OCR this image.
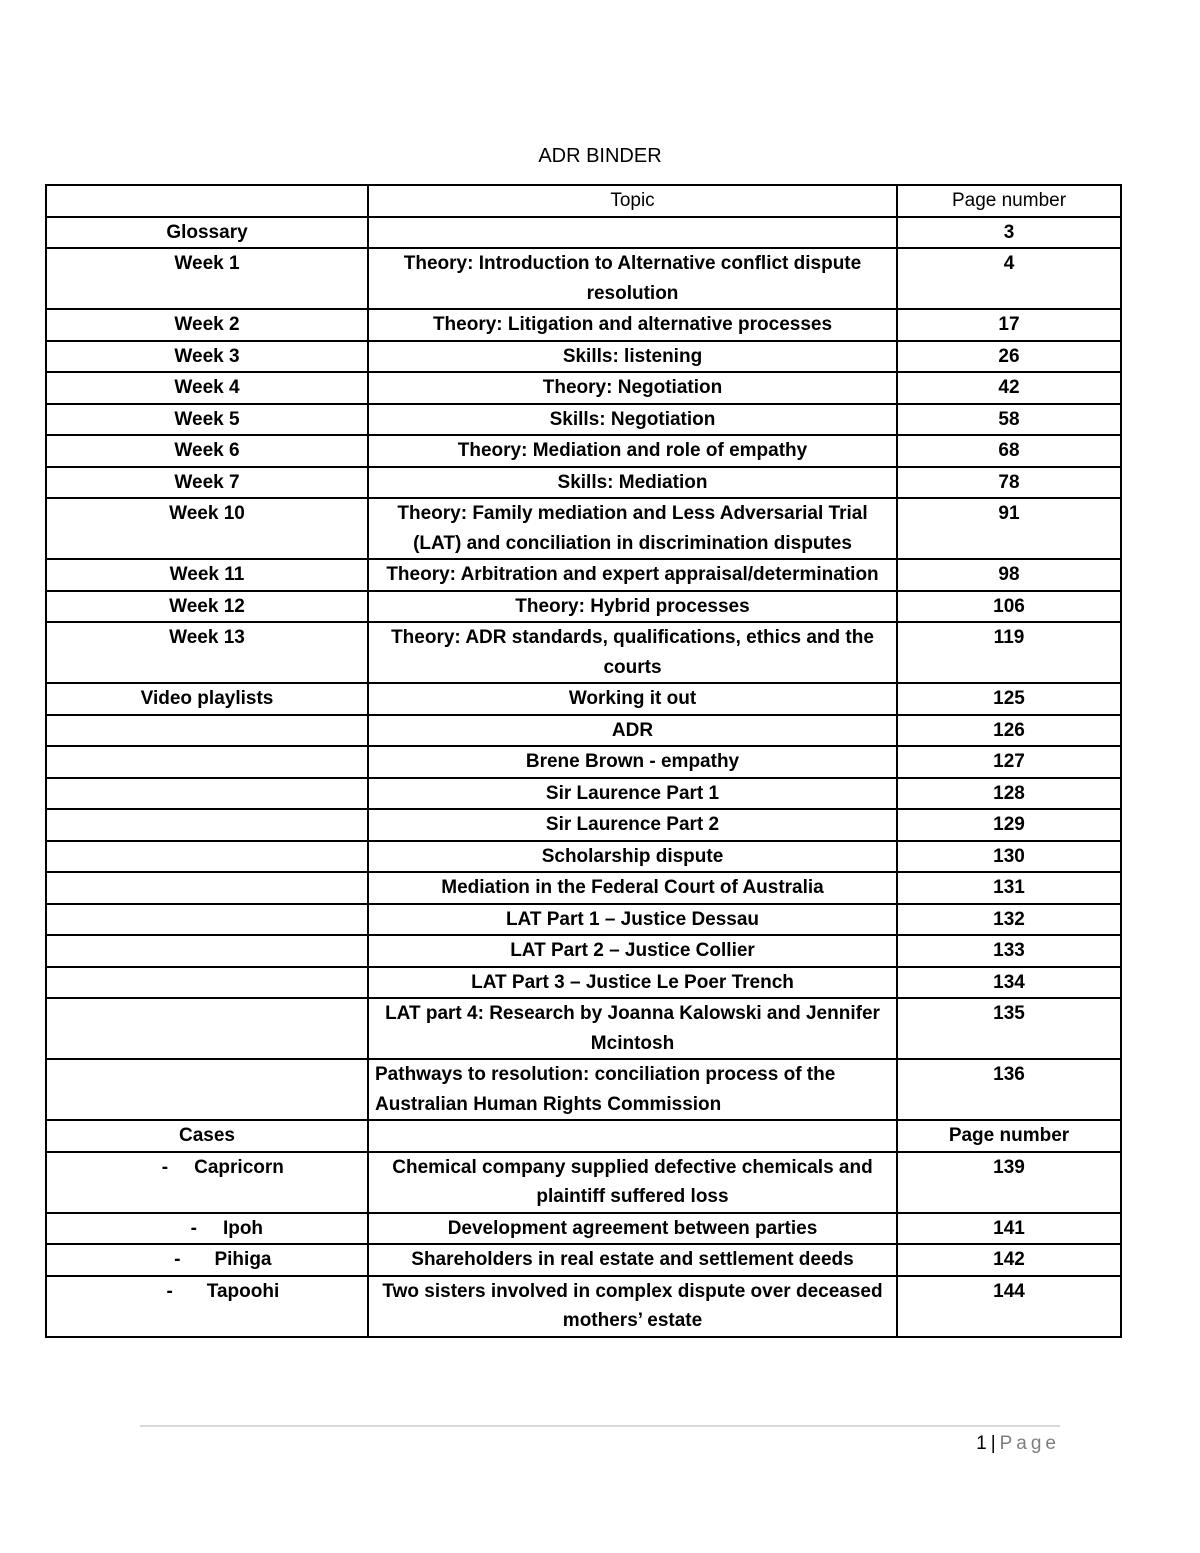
ADR BINDER
	Topic	Page number
Glossary		3
Week 1	Theory: Introduction to Alternative conflict dispute resolution	4
Week 2	Theory: Litigation and alternative processes	17
Week 3	Skills: listening	26
Week 4	Theory: Negotiation	42
Week 5	Skills: Negotiation	58
Week 6	Theory: Mediation and role of empathy	68
Week 7	Skills: Mediation	78
Week 10	Theory: Family mediation and Less Adversarial Trial (LAT) and conciliation in discrimination disputes	91
Week 11	Theory: Arbitration and expert appraisal/determination	98
Week 12	Theory: Hybrid processes	106
Week 13	Theory: ADR standards, qualifications, ethics and the courts	119
Video playlists	Working it out	125
	ADR	126
	Brene Brown - empathy	127
	Sir Laurence Part 1	128
	Sir Laurence Part 2	129
	Scholarship dispute	130
	Mediation in the Federal Court of Australia	131
	LAT Part 1 – Justice Dessau	132
	LAT Part 2 – Justice Collier	133
	LAT Part 3 – Justice Le Poer Trench	134
	LAT part 4: Research by Joanna Kalowski and Jennifer Mcintosh	135
	Pathways to resolution: conciliation process of the Australian Human Rights Commission	136
Cases		Page number
- Capricorn	Chemical company supplied defective chemicals and plaintiff suffered loss	139
- Ipoh	Development agreement between parties	141
- Pihiga	Shareholders in real estate and settlement deeds	142
- Tapoohi	Two sisters involved in complex dispute over deceased mothers’ estate	144
1 | Page
